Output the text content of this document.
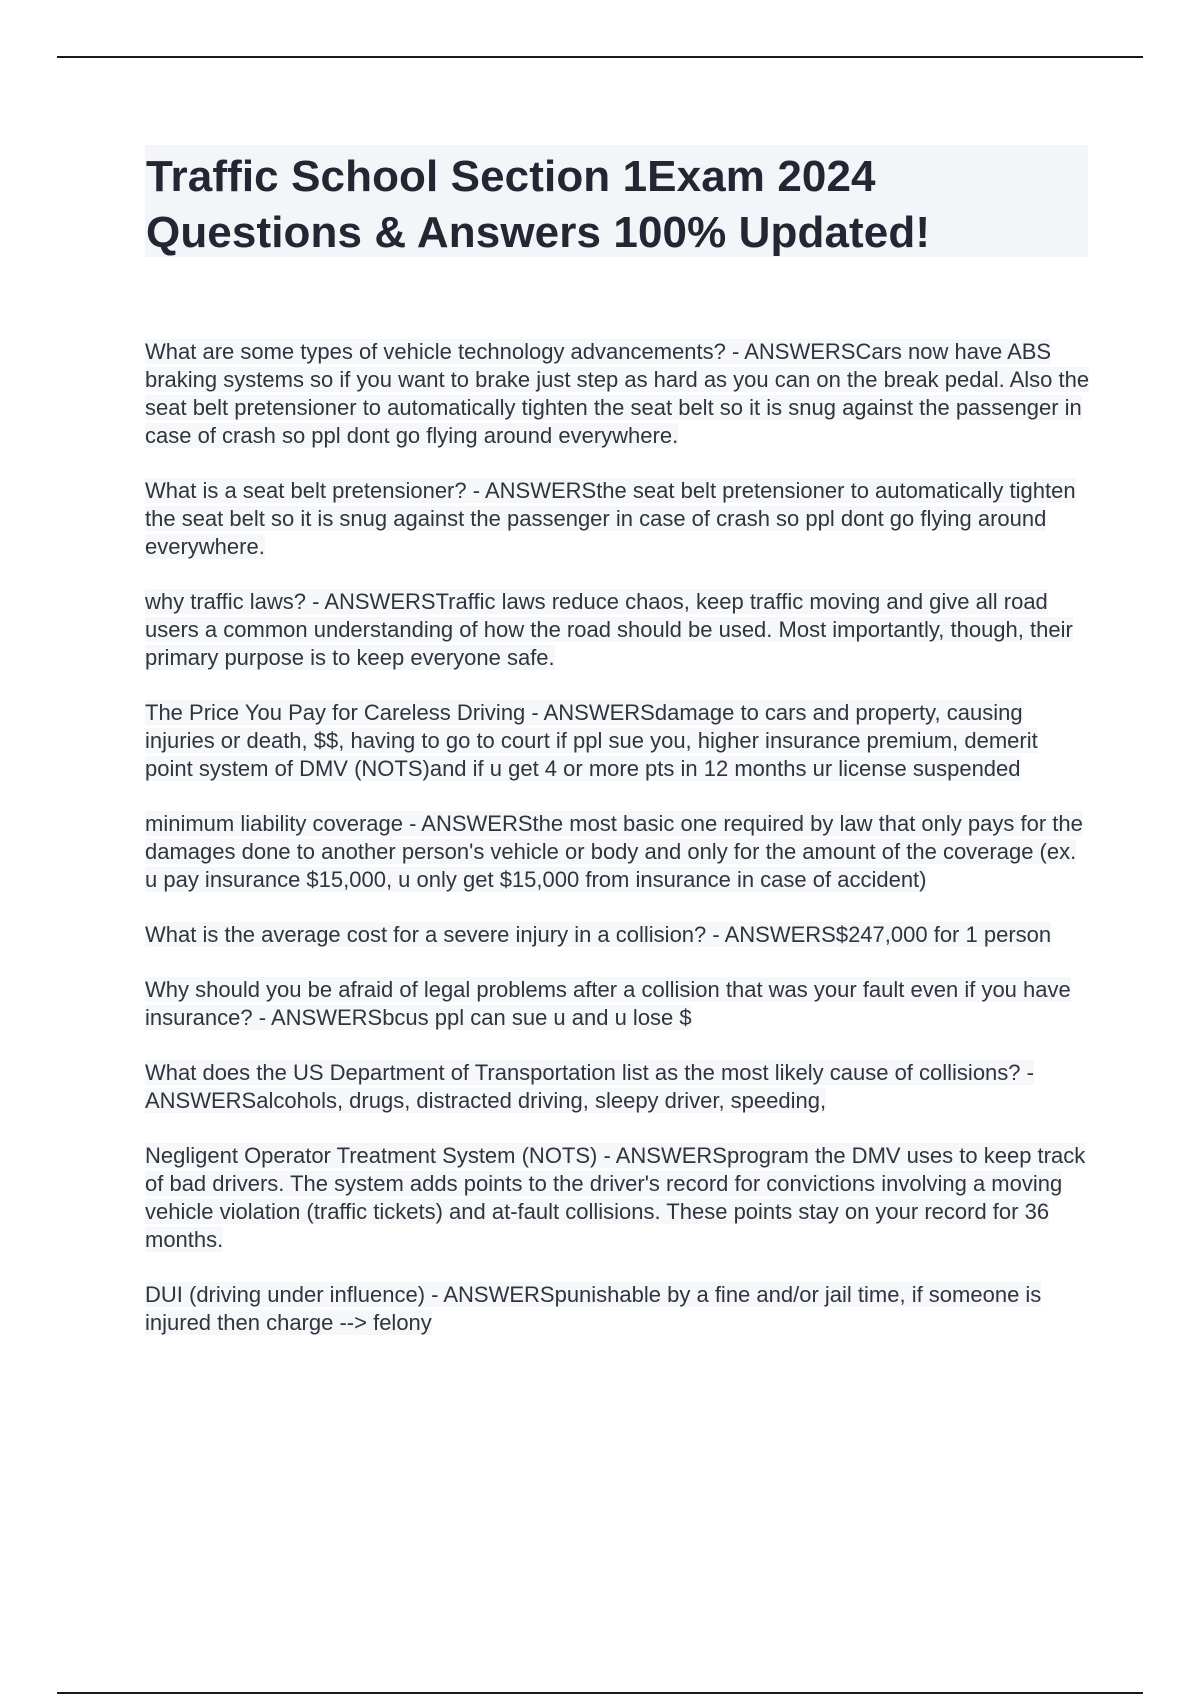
Traffic School Section 1Exam 2024
Questions & Answers 100% Updated!

What are some types of vehicle technology advancements? - ANSWERSCars now have ABS braking systems so if you want to brake just step as hard as you can on the break pedal. Also the seat belt pretensioner to automatically tighten the seat belt so it is snug against the passenger in case of crash so ppl dont go flying around everywhere.

What is a seat belt pretensioner? - ANSWERSthe seat belt pretensioner to automatically tighten the seat belt so it is snug against the passenger in case of crash so ppl dont go flying around everywhere.

why traffic laws? - ANSWERSTraffic laws reduce chaos, keep traffic moving and give all road users a common understanding of how the road should be used. Most importantly, though, their primary purpose is to keep everyone safe.

The Price You Pay for Careless Driving - ANSWERSdamage to cars and property, causing injuries or death, $$, having to go to court if ppl sue you, higher insurance premium, demerit point system of DMV (NOTS)and if u get 4 or more pts in 12 months ur license suspended

minimum liability coverage - ANSWERSthe most basic one required by law that only pays for the damages done to another person's vehicle or body and only for the amount of the coverage (ex. u pay insurance $15,000, u only get $15,000 from insurance in case of accident)

What is the average cost for a severe injury in a collision? - ANSWERS$247,000 for 1 person

Why should you be afraid of legal problems after a collision that was your fault even if you have insurance? - ANSWERSbcus ppl can sue u and u lose $

What does the US Department of Transportation list as the most likely cause of collisions? - ANSWERSalcohols, drugs, distracted driving, sleepy driver, speeding,

Negligent Operator Treatment System (NOTS) - ANSWERSprogram the DMV uses to keep track of bad drivers. The system adds points to the driver's record for convictions involving a moving vehicle violation (traffic tickets) and at-fault collisions. These points stay on your record for 36 months.

DUI (driving under influence) - ANSWERSpunishable by a fine and/or jail time, if someone is injured then charge --> felony
